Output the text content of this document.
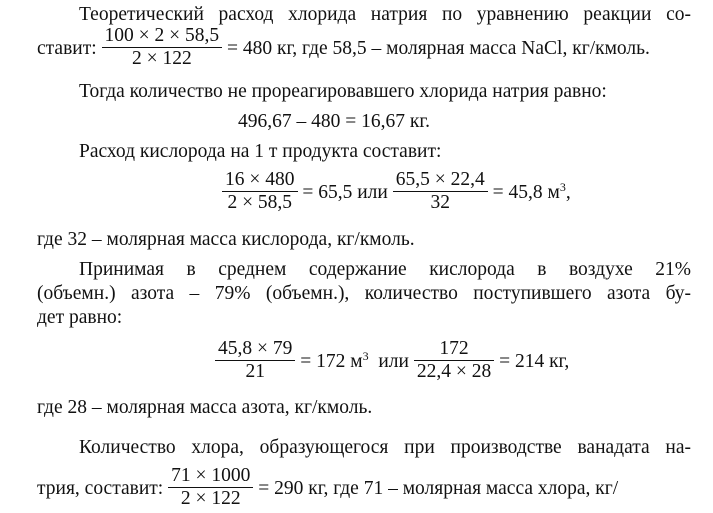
Теоретический расход хлорида натрия по уравнению реакции со-
ставит: $\frac{100 \times 2 \times 58,5}{2 \times 122} = 480$ кг, где 58,5 – молярная масса NaCl, кг/кмоль.
Тогда количество не прореагировавшего хлорида натрия равно:
496,67 – 480 = 16,67 кг.
Расход кислорода на 1 т продукта составит:
$\frac{16 \times 480}{2 \times 58,5} = 65,5$ или $\frac{65,5 \times 22,4}{32} = 45,8$ $м^3$,
где 32 – молярная масса кислорода, кг/кмоль.
Принимая в среднем содержание кислорода в воздухе 21%
(объемн.) азота – 79% (объемн.), количество поступившего азота бу-
дет равно:
$\frac{45,8 \times 79}{21} = 172$ $м^3$ или $\frac{172}{22,4 \times 28} = 214$ кг,
где 28 – молярная масса азота, кг/кмоль.
Количество хлора, образующегося при производстве ванадата на-
трия, составит: $\frac{71 \times 1000}{2 \times 122} = 290$ кг, где 71 – молярная масса хлора, кг/
